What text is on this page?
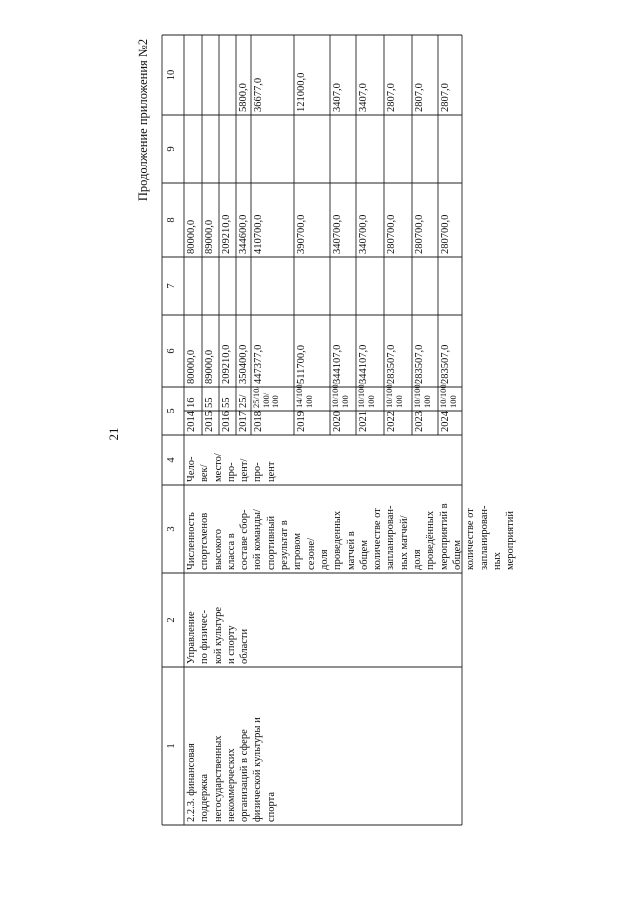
21
Продолжение приложения №2
1
2
3
4
5
6
7
8
9
10
2.2.3. финансовая
поддержка
негосударственных
некоммерческих
организаций в сфере
физической культуры и
спорта
Управление
по физичес-
кой культуре
и спорту
области
Численность
спортсменов
высокого
класса в
составе сбор-
ной команды/
спортивный
результат в
игровом
сезоне/
доля
проведенных
матчей в
общем
количестве от
запланирован-
ных матчей/
доля
проведённых
мероприятий в
общем
количестве от
запланирован-
ных
мероприятий
Чело-
век/
место/
про-
цент/
про-
цент
2014
16
80000,0
80000,0
2015
55
89000,0
89000,0
2016
55
209210,0
209210,0
2017
25/
350400,0
344600,0
5800,0
2018
25/10/
100/
100
447377,0
410700,0
36677,0
2019
14/100/
100
511700,0
390700,0
121000,0
2020
10/100/
100
344107,0
340700,0
3407,0
2021
10/100/
100
344107,0
340700,0
3407,0
2022
10/100/
100
283507,0
280700,0
2807,0
2023
10/100/
100
283507,0
280700,0
2807,0
2024
10/100/
100
283507,0
280700,0
2807,0
